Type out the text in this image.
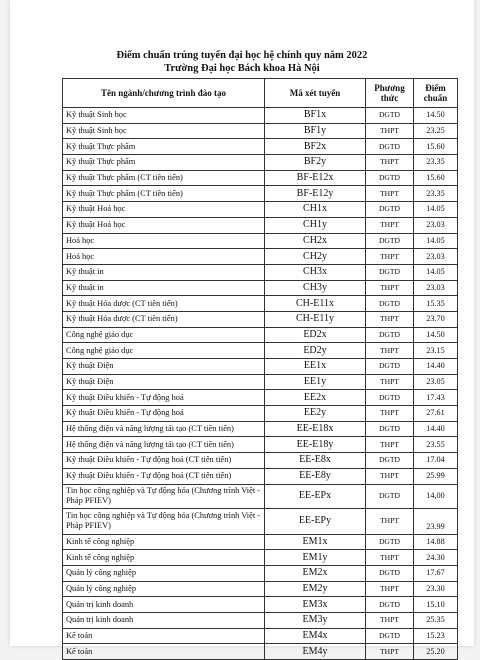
Điểm chuẩn trúng tuyển đại học hệ chính quy năm 2022
Trường Đại học Bách khoa Hà Nội
Tên ngành/chương trình đào tạo	Mã xét tuyển	Phương thức	Điểm chuẩn
Kỹ thuật Sinh học	BF1x	DGTD	14.50
Kỹ thuật Sinh học	BF1y	THPT	23.25
Kỹ thuật Thực phẩm	BF2x	DGTD	15.60
Kỹ thuật Thực phẩm	BF2y	THPT	23.35
Kỹ thuật Thực phẩm (CT tiên tiến)	BF-E12x	DGTD	15.60
Kỹ thuật Thực phẩm (CT tiên tiến)	BF-E12y	THPT	23.35
Kỹ thuật Hoá học	CH1x	DGTD	14.05
Kỹ thuật Hoá học	CH1y	THPT	23.03
Hoá học	CH2x	DGTD	14.05
Hoá học	CH2y	THPT	23.03
Kỹ thuật in	CH3x	DGTD	14.05
Kỹ thuật in	CH3y	THPT	23.03
Kỹ thuật Hóa dược (CT tiên tiến)	CH-E11x	DGTD	15.35
Kỹ thuật Hóa dược (CT tiên tiến)	CH-E11y	THPT	23.70
Công nghệ giáo dục	ED2x	DGTD	14.50
Công nghệ giáo dục	ED2y	THPT	23.15
Kỹ thuật Điện	EE1x	DGTD	14.40
Kỹ thuật Điện	EE1y	THPT	23.05
Kỹ thuật Điều khiển - Tự động hoá	EE2x	DGTD	17.43
Kỹ thuật Điều khiển - Tự động hoá	EE2y	THPT	27.61
Hệ thống điện và năng lượng tái tạo (CT tiên tiến)	EE-E18x	DGTD	14.40
Hệ thống điện và năng lượng tái tạo (CT tiên tiến)	EE-E18y	THPT	23.55
Kỹ thuật Điều khiển - Tự động hoá (CT tiên tiến)	EE-E8x	DGTD	17.04
Kỹ thuật Điều khiển - Tự động hoá (CT tiên tiến)	EE-E8y	THPT	25.99
Tin học công nghiệp và Tự động hóa (Chương trình Việt - Pháp PFIEV)	EE-EPx	DGTD	14,00
Tin học công nghiệp và Tự động hóa (Chương trình Việt - Pháp PFIEV)	EE-EPy	THPT	23.99
Kinh tế công nghiệp	EM1x	DGTD	14.88
Kinh tế công nghiệp	EM1y	THPT	24.30
Quản lý công nghiệp	EM2x	DGTD	17.67
Quản lý công nghiệp	EM2y	THPT	23.30
Quản trị kinh doanh	EM3x	DGTD	15.10
Quản trị kinh doanh	EM3y	THPT	25.35
Kế toán	EM4x	DGTD	15.23
Kế toán	EM4y	THPT	25.20
